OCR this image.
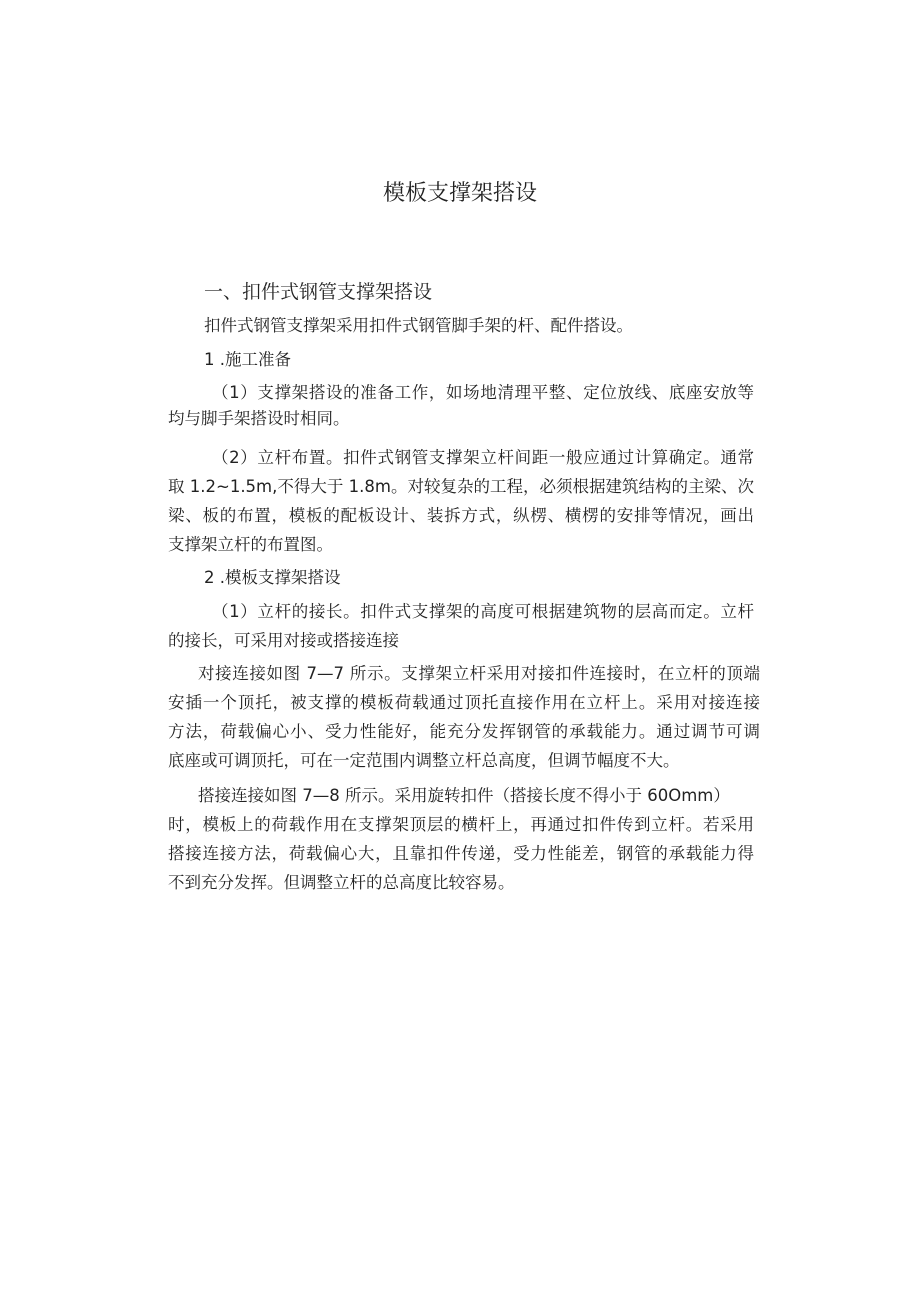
模板支撑架搭设
一、扣件式钢管支撑架搭设
扣件式钢管支撑架采用扣件式钢管脚手架的杆、配件搭设。
1 .施工准备
（1）支撑架搭设的准备工作，如场地清理平整、定位放线、底座安放等
均与脚手架搭设时相同。
（2）立杆布置。扣件式钢管支撑架立杆间距一般应通过计算确定。通常
取 1.2~1.5m,不得大于 1.8m。对较复杂的工程，必须根据建筑结构的主梁、次
梁、板的布置，模板的配板设计、装拆方式，纵楞、横楞的安排等情况，画出
支撑架立杆的布置图。
2 .模板支撑架搭设
（1）立杆的接长。扣件式支撑架的高度可根据建筑物的层高而定。立杆
的接长，可采用对接或搭接连接
对接连接如图 7—7 所示。支撑架立杆采用对接扣件连接时，在立杆的顶端
安插一个顶托，被支撑的模板荷载通过顶托直接作用在立杆上。采用对接连接
方法，荷载偏心小、受力性能好，能充分发挥钢管的承载能力。通过调节可调
底座或可调顶托，可在一定范围内调整立杆总高度，但调节幅度不大。
搭接连接如图 7—8 所示。采用旋转扣件（搭接长度不得小于 60Omm）
时，模板上的荷载作用在支撑架顶层的横杆上，再通过扣件传到立杆。若采用
搭接连接方法，荷载偏心大，且靠扣件传递，受力性能差，钢管的承载能力得
不到充分发挥。但调整立杆的总高度比较容易。
